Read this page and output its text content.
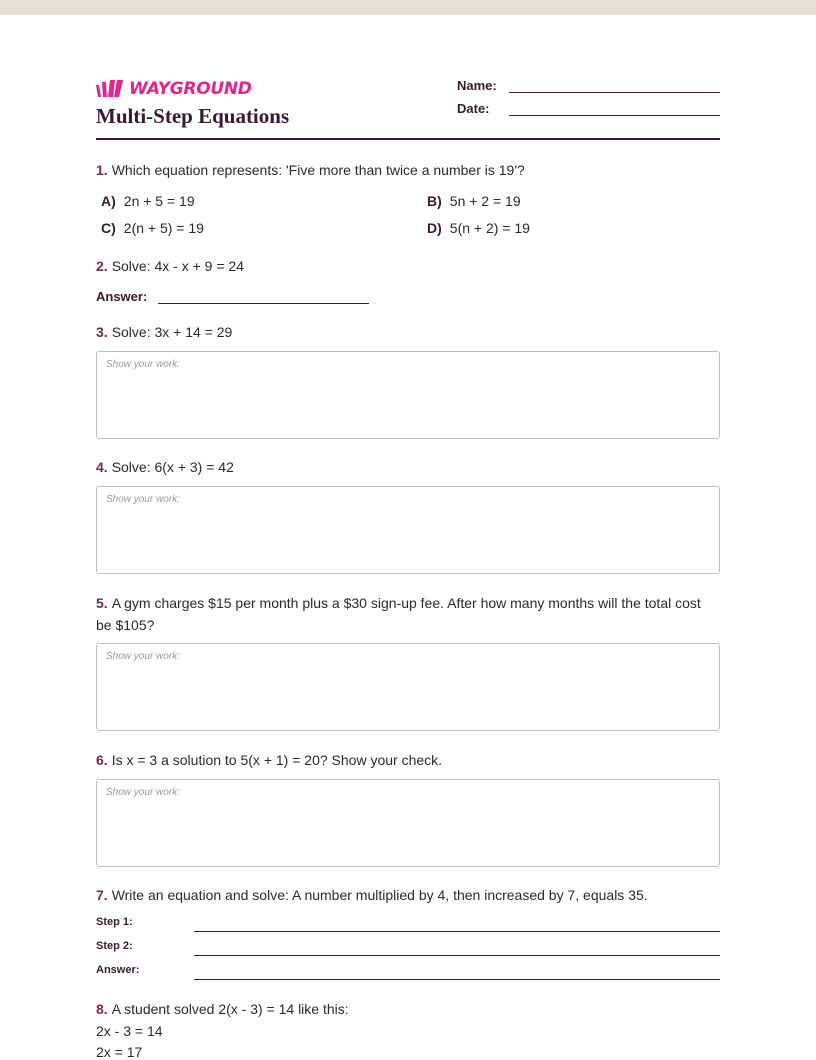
WAYGROUND
Multi-Step Equations
Name:
Date:
1. Which equation represents: 'Five more than twice a number is 19'?
A) 2n + 5 = 19	B) 5n + 2 = 19
C) 2(n + 5) = 19	D) 5(n + 2) = 19
2. Solve: 4x - x + 9 = 24
Answer:
3. Solve: 3x + 14 = 29
Show your work:
4. Solve: 6(x + 3) = 42
Show your work:
5. A gym charges $15 per month plus a $30 sign-up fee. After how many months will the total cost be $105?
Show your work:
6. Is x = 3 a solution to 5(x + 1) = 20? Show your check.
Show your work:
7. Write an equation and solve: A number multiplied by 4, then increased by 7, equals 35.
Step 1:
Step 2:
Answer:
8. A student solved 2(x - 3) = 14 like this:
2x - 3 = 14
2x = 17
